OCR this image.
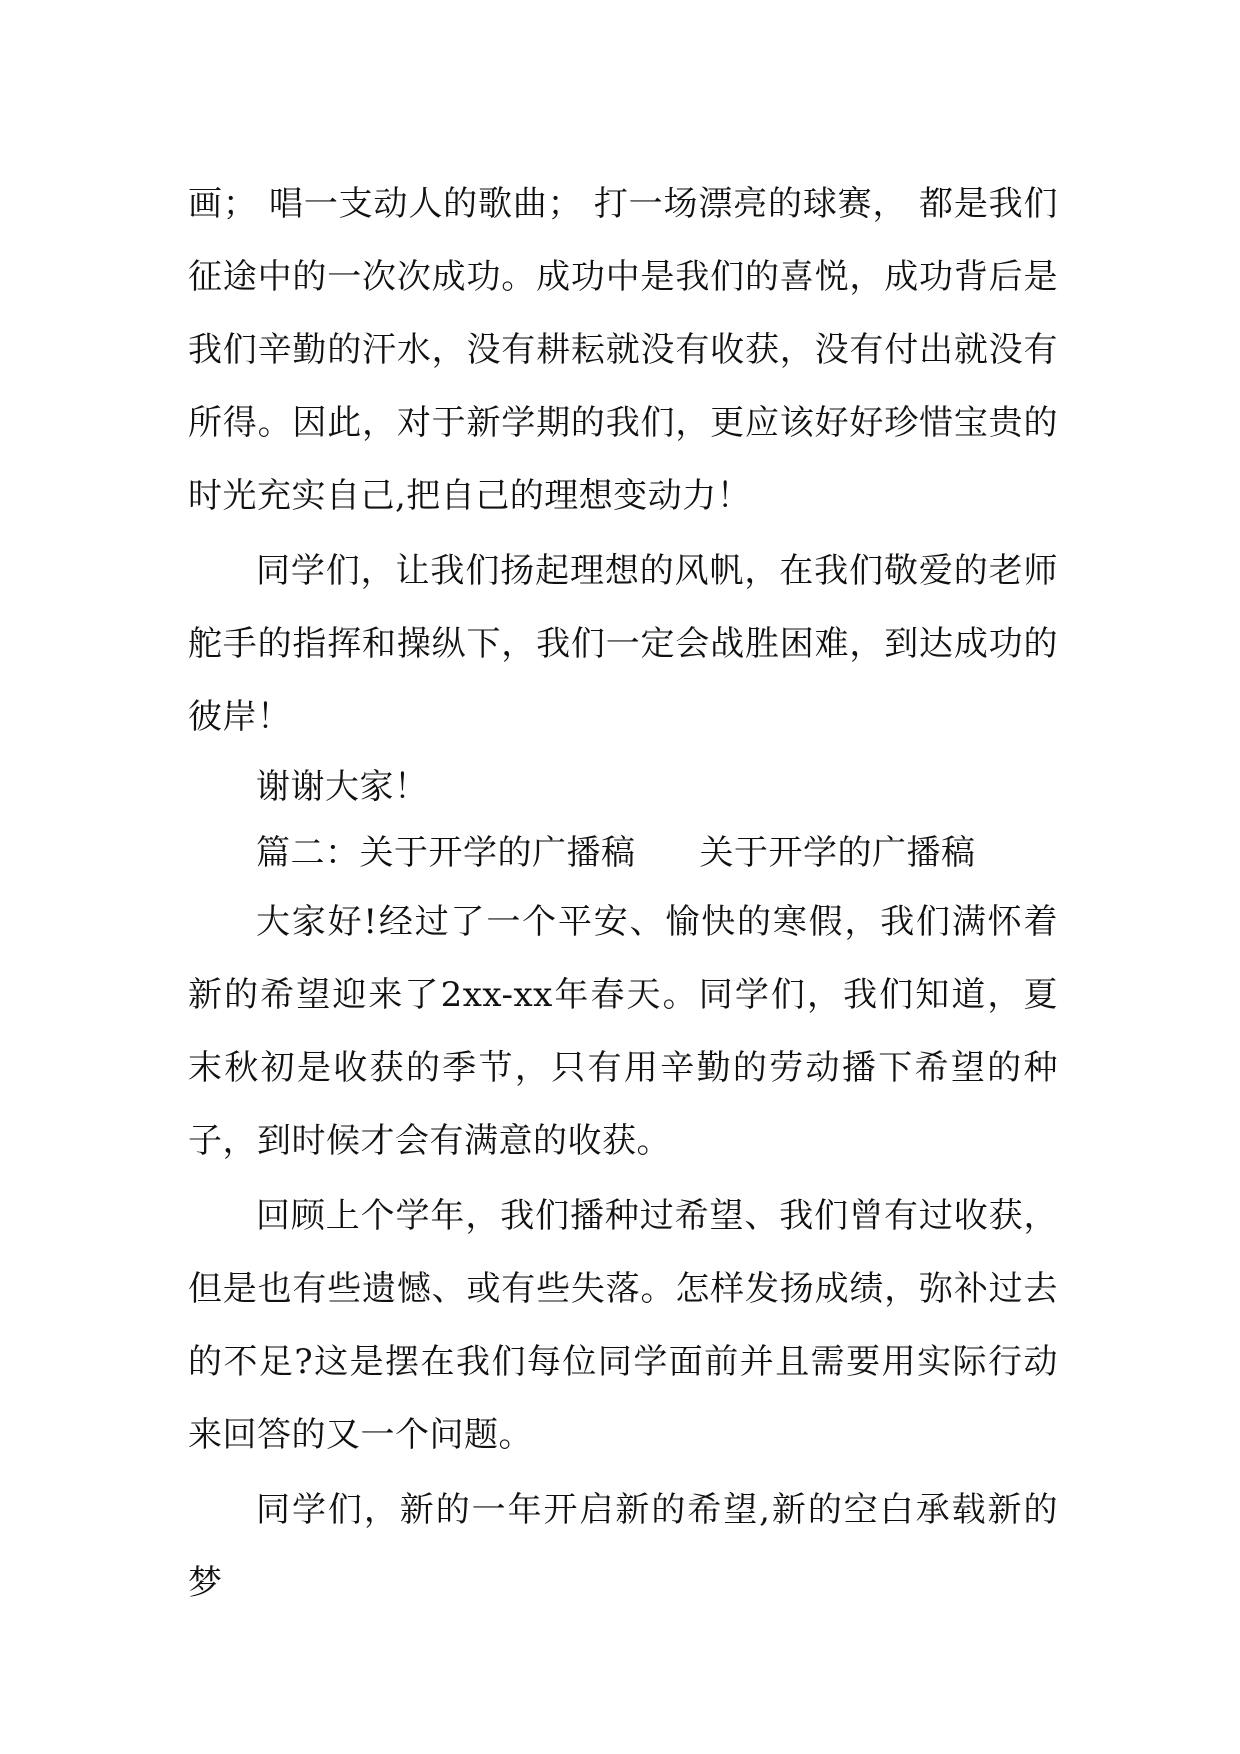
画； 唱一支动人的歌曲； 打一场漂亮的球赛， 都是我们征途中的一次次成功。成功中是我们的喜悦，成功背后是我们辛勤的汗水，没有耕耘就没有收获，没有付出就没有所得。因此，对于新学期的我们，更应该好好珍惜宝贵的时光充实自己,把自己的理想变动力！

同学们，让我们扬起理想的风帆，在我们敬爱的老师舵手的指挥和操纵下，我们一定会战胜困难，到达成功的彼岸！

谢谢大家！

篇二：关于开学的广播稿 关于开学的广播稿

大家好!经过了一个平安、愉快的寒假，我们满怀着新的希望迎来了2xx-xx年春天。同学们，我们知道，夏末秋初是收获的季节，只有用辛勤的劳动播下希望的种子，到时候才会有满意的收获。

回顾上个学年，我们播种过希望、我们曾有过收获，但是也有些遗憾、或有些失落。怎样发扬成绩，弥补过去的不足?这是摆在我们每位同学面前并且需要用实际行动来回答的又一个问题。

同学们，新的一年开启新的希望,新的空白承载新的梦
